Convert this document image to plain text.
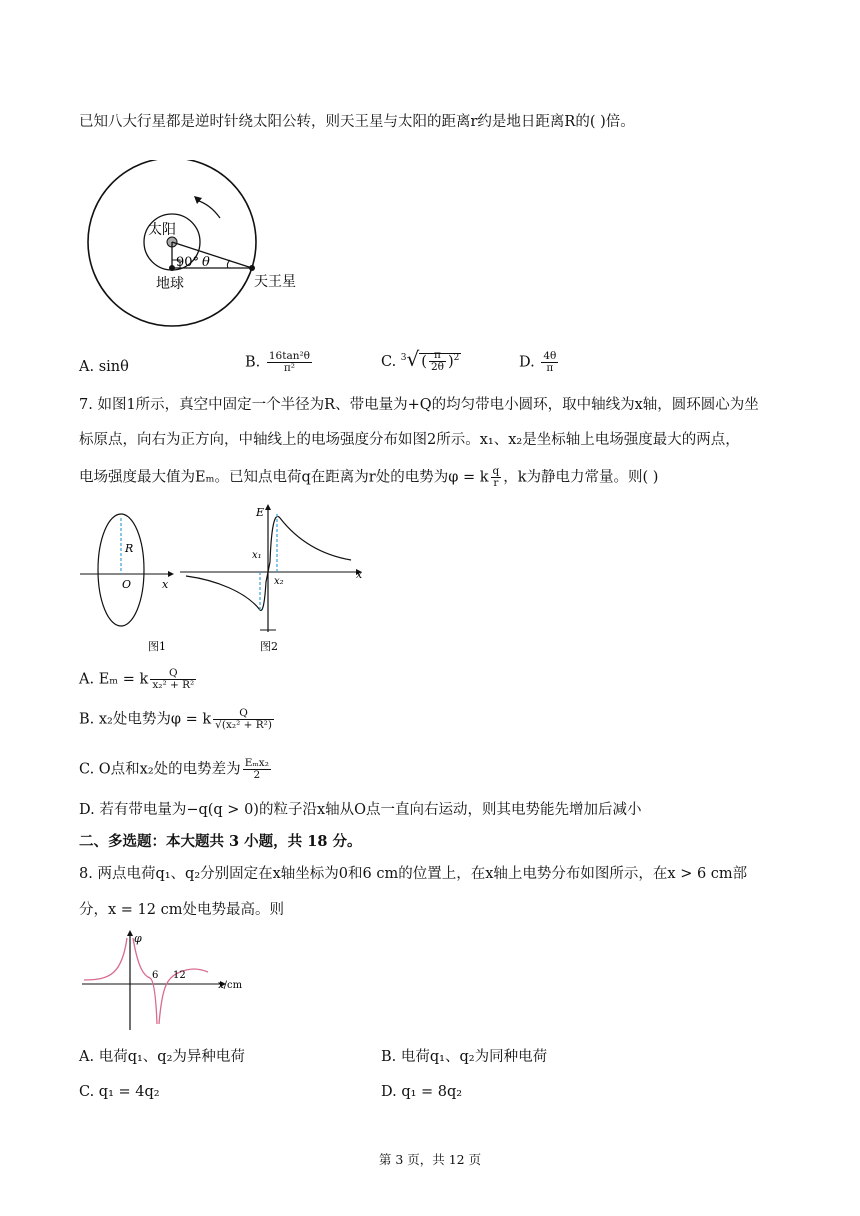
已知八大行星都是逆时针绕太阳公转，则天王星与太阳的距离r约是地日距离R的( )倍。
太阳
地球	天王星
90° θ
A. sinθ	B. $\frac{\text{16tan²θ}}{\text{π²}}$	C. $^3$√ ( $\frac{\pi}{2\theta} )^2$	D. $\frac{4\theta}{\pi}$
7. 如图1所示，真空中固定一个半径为R、带电量为+Q的均匀带电小圆环，取中轴线为x轴，圆环圆心为坐
标原点，向右为正方向，中轴线上的电场强度分布如图2所示。x₁、x₂是坐标轴上电场强度最大的两点，
电场强度最大值为Eₘ。已知点电荷q在距离为r处的电势为φ = k $\frac{q}{r}$ ，k为静电力常量。则( )
R
O	x
图1
E
x₁
x₂
x
图2
A. Eₘ = k $\frac{Q}{\text{x₂² + R²}}$
B. x₂处电势为φ = k $\frac{Q}{\text{√(x₂² + R²)}}$
C. O点和x₂处的电势差为 $\frac{\text{Eₘx₂}}{2}$
D. 若有带电量为−q(q > 0)的粒子沿x轴从O点一直向右运动，则其电势能先增加后减小
二、多选题：本大题共 3 小题，共 18 分。
8. 两点电荷q₁、q₂分别固定在x轴坐标为0和6 cm的位置上，在x轴上电势分布如图所示，在x > 6 cm部
分，x = 12 cm处电势最高。则
φ
6 12
x/cm
A. 电荷q₁、q₂为异种电荷	B. 电荷q₁、q₂为同种电荷
C. q₁ = 4q₂	D. q₁ = 8q₂
第 3 页，共 12 页
